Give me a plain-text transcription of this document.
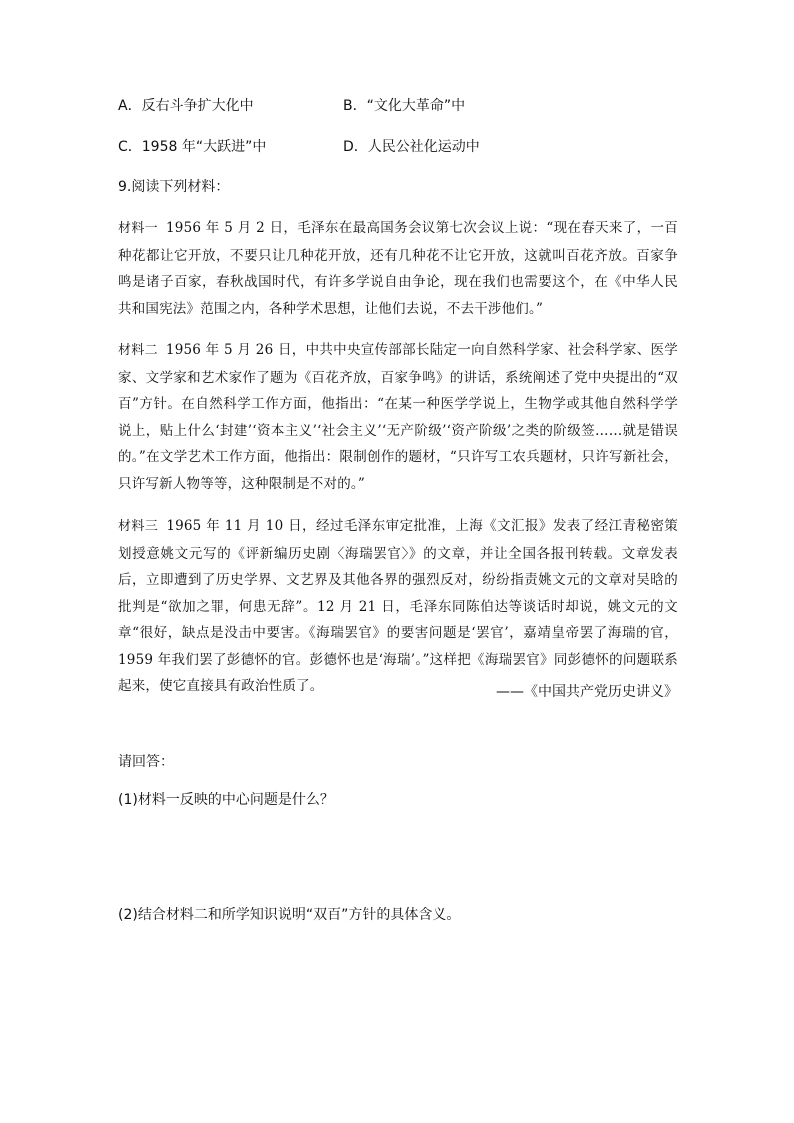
A．反右斗争扩大化中	B．“文化大革命”中
C．1958 年“大跃进”中	D．人民公社化运动中
9.阅读下列材料：

材料一 1956 年 5 月 2 日，毛泽东在最高国务会议第七次会议上说：“现在春天来了，一百种花都让它开放，不要只让几种花开放，还有几种花不让它开放，这就叫百花齐放。百家争鸣是诸子百家，春秋战国时代，有许多学说自由争论，现在我们也需要这个，在《中华人民共和国宪法》范围之内，各种学术思想，让他们去说，不去干涉他们。”

材料二 1956 年 5 月 26 日，中共中央宣传部部长陆定一向自然科学家、社会科学家、医学家、文学家和艺术家作了题为《百花齐放，百家争鸣》的讲话，系统阐述了党中央提出的“双百”方针。在自然科学工作方面，他指出：“在某一种医学学说上，生物学或其他自然科学学说上，贴上什么‘封建’‘资本主义’‘社会主义’‘无产阶级’‘资产阶级’之类的阶级签……就是错误的。”在文学艺术工作方面，他指出：限制创作的题材，“只许写工农兵题材，只许写新社会，只许写新人物等等，这种限制是不对的。”

材料三 1965 年 11 月 10 日，经过毛泽东审定批准，上海《文汇报》发表了经江青秘密策划授意姚文元写的《评新编历史剧〈海瑞罢官〉》的文章，并让全国各报刊转载。文章发表后，立即遭到了历史学界、文艺界及其他各界的强烈反对，纷纷指责姚文元的文章对吴晗的批判是“欲加之罪，何患无辞”。12 月 21 日，毛泽东同陈伯达等谈话时却说，姚文元的文章“很好，缺点是没击中要害。《海瑞罢官》的要害问题是‘罢官’，嘉靖皇帝罢了海瑞的官，1959 年我们罢了彭德怀的官。彭德怀也是‘海瑞’。”这样把《海瑞罢官》同彭德怀的问题联系起来，使它直接具有政治性质了。	——《中国共产党历史讲义》

请回答：
(1)材料一反映的中心问题是什么？
(2)结合材料二和所学知识说明“双百”方针的具体含义。
